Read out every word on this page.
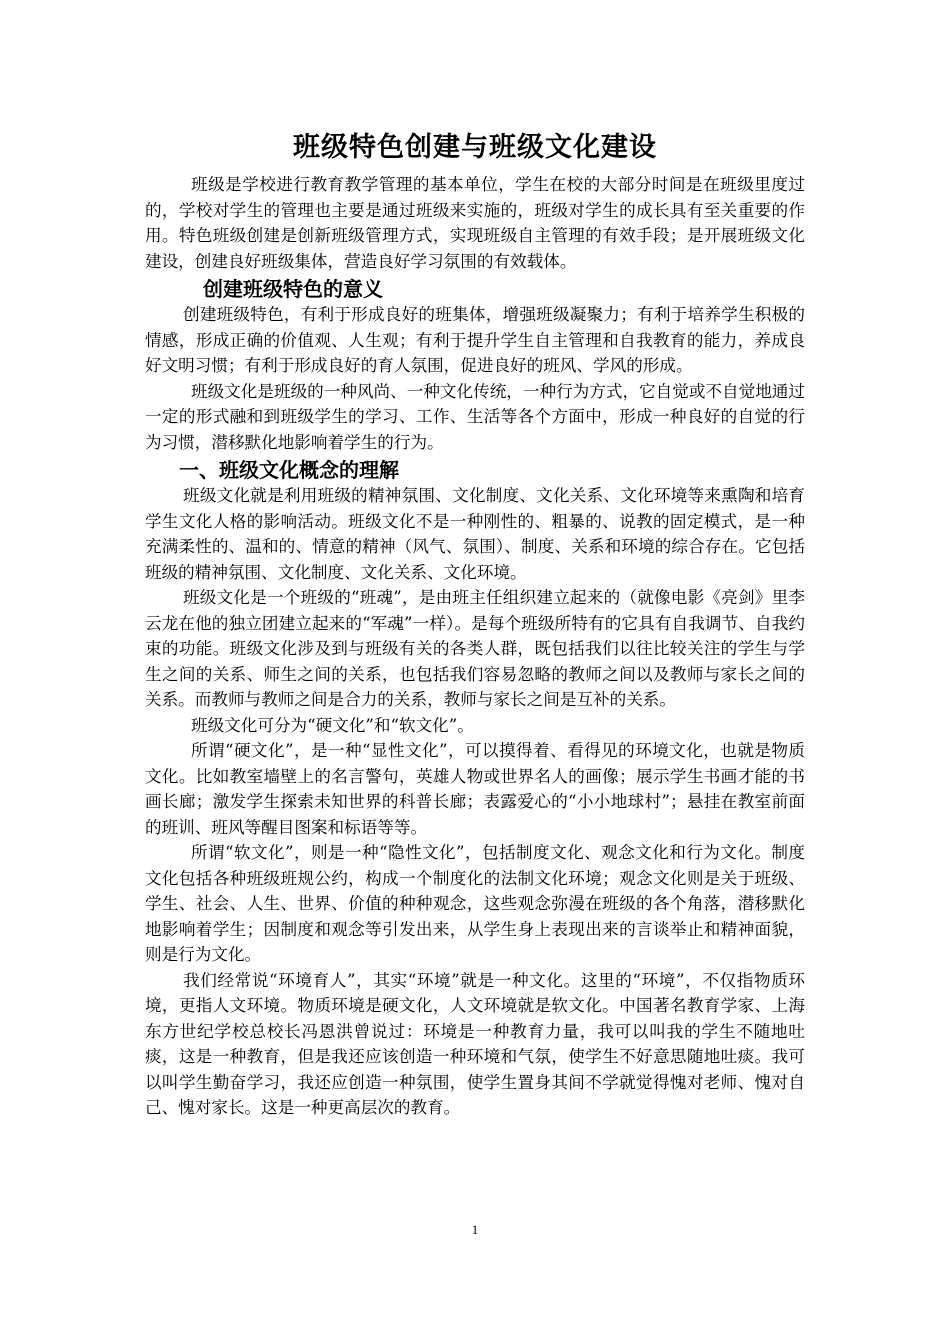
班级特色创建与班级文化建设

班级是学校进行教育教学管理的基本单位，学生在校的大部分时间是在班级里度过的，学校对学生的管理也主要是通过班级来实施的，班级对学生的成长具有至关重要的作用。特色班级创建是创新班级管理方式，实现班级自主管理的有效手段；是开展班级文化建设，创建良好班级集体，营造良好学习氛围的有效载体。

创建班级特色的意义

创建班级特色，有利于形成良好的班集体，增强班级凝聚力；有利于培养学生积极的情感，形成正确的价值观、人生观；有利于提升学生自主管理和自我教育的能力，养成良好文明习惯；有利于形成良好的育人氛围，促进良好的班风、学风的形成。

班级文化是班级的一种风尚、一种文化传统，一种行为方式，它自觉或不自觉地通过一定的形式融和到班级学生的学习、工作、生活等各个方面中，形成一种良好的自觉的行为习惯，潜移默化地影响着学生的行为。

一、班级文化概念的理解

班级文化就是利用班级的精神氛围、文化制度、文化关系、文化环境等来熏陶和培育学生文化人格的影响活动。班级文化不是一种刚性的、粗暴的、说教的固定模式，是一种充满柔性的、温和的、情意的精神（风气、氛围）、制度、关系和环境的综合存在。它包括班级的精神氛围、文化制度、文化关系、文化环境。

班级文化是一个班级的“班魂”，是由班主任组织建立起来的（就像电影《亮剑》里李云龙在他的独立团建立起来的“军魂”一样）。是每个班级所特有的它具有自我调节、自我约束的功能。班级文化涉及到与班级有关的各类人群，既包括我们以往比较关注的学生与学生之间的关系、师生之间的关系，也包括我们容易忽略的教师之间以及教师与家长之间的关系。而教师与教师之间是合力的关系，教师与家长之间是互补的关系。

班级文化可分为“硬文化”和“软文化”。

所谓“硬文化”，是一种“显性文化”，可以摸得着、看得见的环境文化，也就是物质文化。比如教室墙壁上的名言警句，英雄人物或世界名人的画像；展示学生书画才能的书画长廊；激发学生探索未知世界的科普长廊；表露爱心的“小小地球村”；悬挂在教室前面的班训、班风等醒目图案和标语等等。

所谓“软文化”，则是一种“隐性文化”，包括制度文化、观念文化和行为文化。制度文化包括各种班级班规公约，构成一个制度化的法制文化环境；观念文化则是关于班级、学生、社会、人生、世界、价值的种种观念，这些观念弥漫在班级的各个角落，潜移默化地影响着学生；因制度和观念等引发出来，从学生身上表现出来的言谈举止和精神面貌，则是行为文化。

我们经常说“环境育人”，其实“环境”就是一种文化。这里的“环境”，不仅指物质环境，更指人文环境。物质环境是硬文化，人文环境就是软文化。中国著名教育学家、上海东方世纪学校总校长冯恩洪曾说过：环境是一种教育力量，我可以叫我的学生不随地吐痰，这是一种教育，但是我还应该创造一种环境和气氛，使学生不好意思随地吐痰。我可以叫学生勤奋学习，我还应创造一种氛围，使学生置身其间不学就觉得愧对老师、愧对自己、愧对家长。这是一种更高层次的教育。

1
